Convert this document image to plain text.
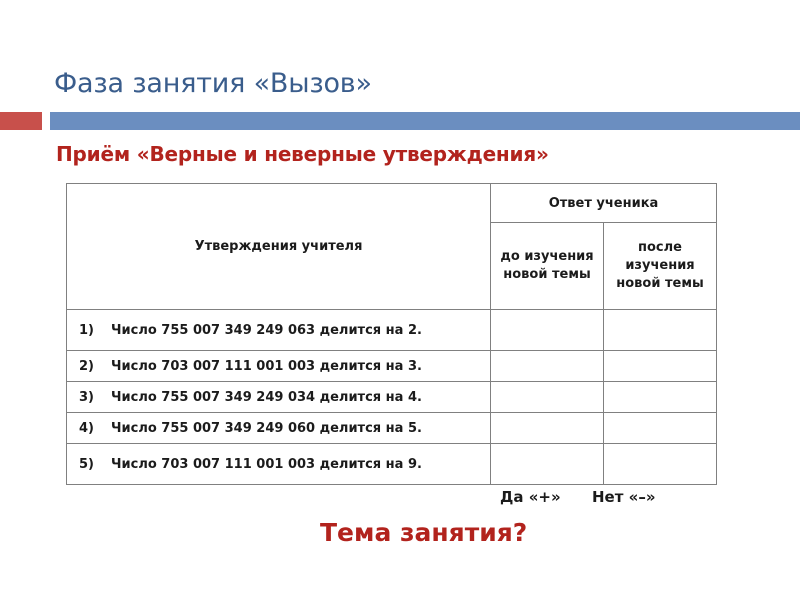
Фаза занятия «Вызов»
Приём «Верные и неверные утверждения»
Утверждения учителя	Ответ ученика	
	до изучения новой темы	после изучения новой темы
1) Число 755 007 349 249 063 делится на 2.		
2) Число 703 007 111 001 003 делится на 3.		
3) Число 755 007 349 249 034 делится на 4.		
4) Число 755 007 349 249 060 делится на 5.		
5) Число 703 007 111 001 003 делится на 9.		
Да «+» Нет «–»
Тема занятия?
